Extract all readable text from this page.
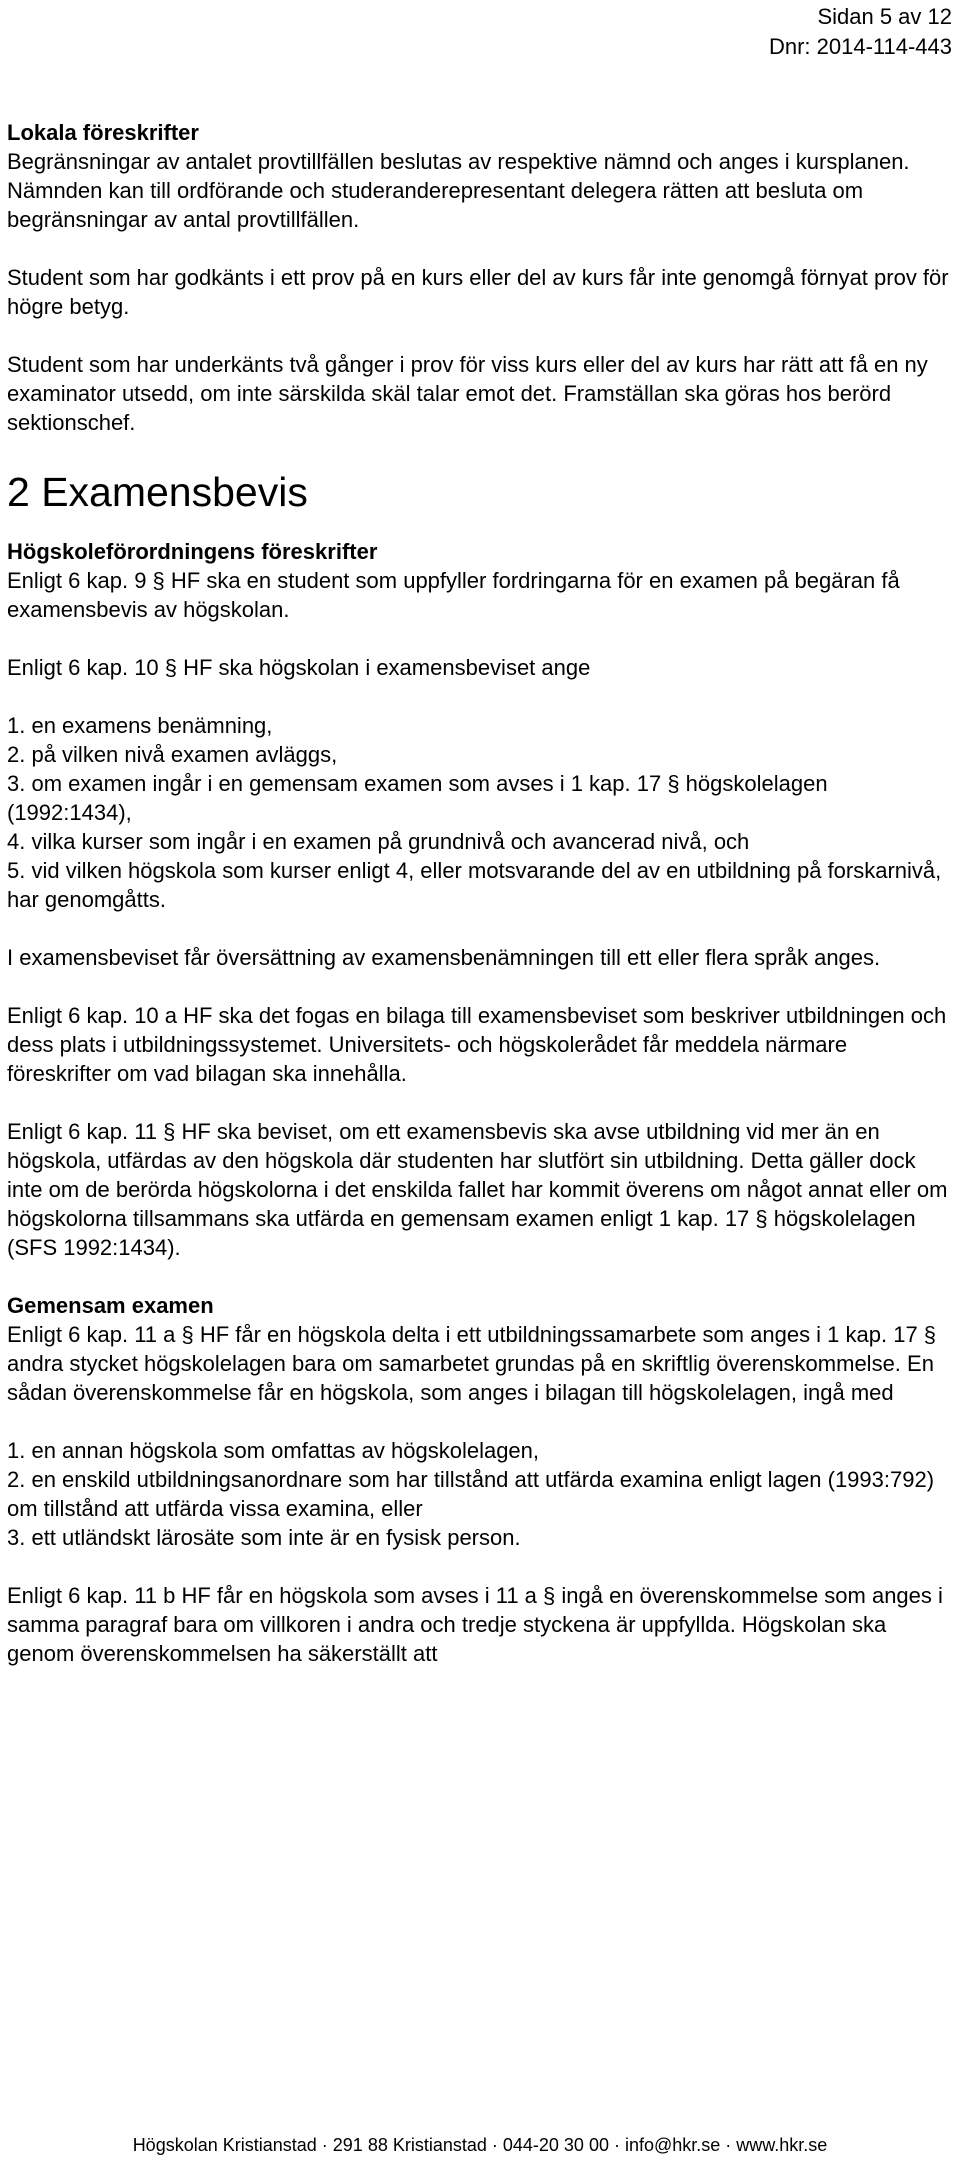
Sidan 5 av 12
Dnr: 2014-114-443

Lokala föreskrifter

Begränsningar av antalet provtillfällen beslutas av respektive nämnd och anges i kursplanen. Nämnden kan till ordförande och studeranderepresentant delegera rätten att besluta om begränsningar av antal provtillfällen.

Student som har godkänts i ett prov på en kurs eller del av kurs får inte genomgå förnyat prov för högre betyg.

Student som har underkänts två gånger i prov för viss kurs eller del av kurs har rätt att få en ny examinator utsedd, om inte särskilda skäl talar emot det. Framställan ska göras hos berörd sektionschef.

2 Examensbevis

Högskoleförordningens föreskrifter

Enligt 6 kap. 9 § HF ska en student som uppfyller fordringarna för en examen på begäran få examensbevis av högskolan.

Enligt 6 kap. 10 § HF ska högskolan i examensbeviset ange

1. en examens benämning,

2. på vilken nivå examen avläggs,

3. om examen ingår i en gemensam examen som avses i 1 kap. 17 § högskolelagen (1992:1434),

4. vilka kurser som ingår i en examen på grundnivå och avancerad nivå, och

5. vid vilken högskola som kurser enligt 4, eller motsvarande del av en utbildning på forskarnivå, har genomgåtts.

I examensbeviset får översättning av examensbenämningen till ett eller flera språk anges.

Enligt 6 kap. 10 a HF ska det fogas en bilaga till examensbeviset som beskriver utbildningen och dess plats i utbildningssystemet. Universitets- och högskolerådet får meddela närmare föreskrifter om vad bilagan ska innehålla.

Enligt 6 kap. 11 § HF ska beviset, om ett examensbevis ska avse utbildning vid mer än en högskola, utfärdas av den högskola där studenten har slutfört sin utbildning. Detta gäller dock inte om de berörda högskolorna i det enskilda fallet har kommit överens om något annat eller om högskolorna tillsammans ska utfärda en gemensam examen enligt 1 kap. 17 § högskolelagen (SFS 1992:1434).

Gemensam examen

Enligt 6 kap. 11 a § HF får en högskola delta i ett utbildningssamarbete som anges i 1 kap. 17 § andra stycket högskolelagen bara om samarbetet grundas på en skriftlig överenskommelse. En sådan överenskommelse får en högskola, som anges i bilagan till högskolelagen, ingå med

1. en annan högskola som omfattas av högskolelagen,

2. en enskild utbildningsanordnare som har tillstånd att utfärda examina enligt lagen (1993:792) om tillstånd att utfärda vissa examina, eller

3. ett utländskt lärosäte som inte är en fysisk person.

Enligt 6 kap. 11 b HF får en högskola som avses i 11 a § ingå en överenskommelse som anges i samma paragraf bara om villkoren i andra och tredje styckena är uppfyllda. Högskolan ska genom överenskommelsen ha säkerställt att

Högskolan Kristianstad · 291 88 Kristianstad · 044-20 30 00 · info@hkr.se · www.hkr.se
